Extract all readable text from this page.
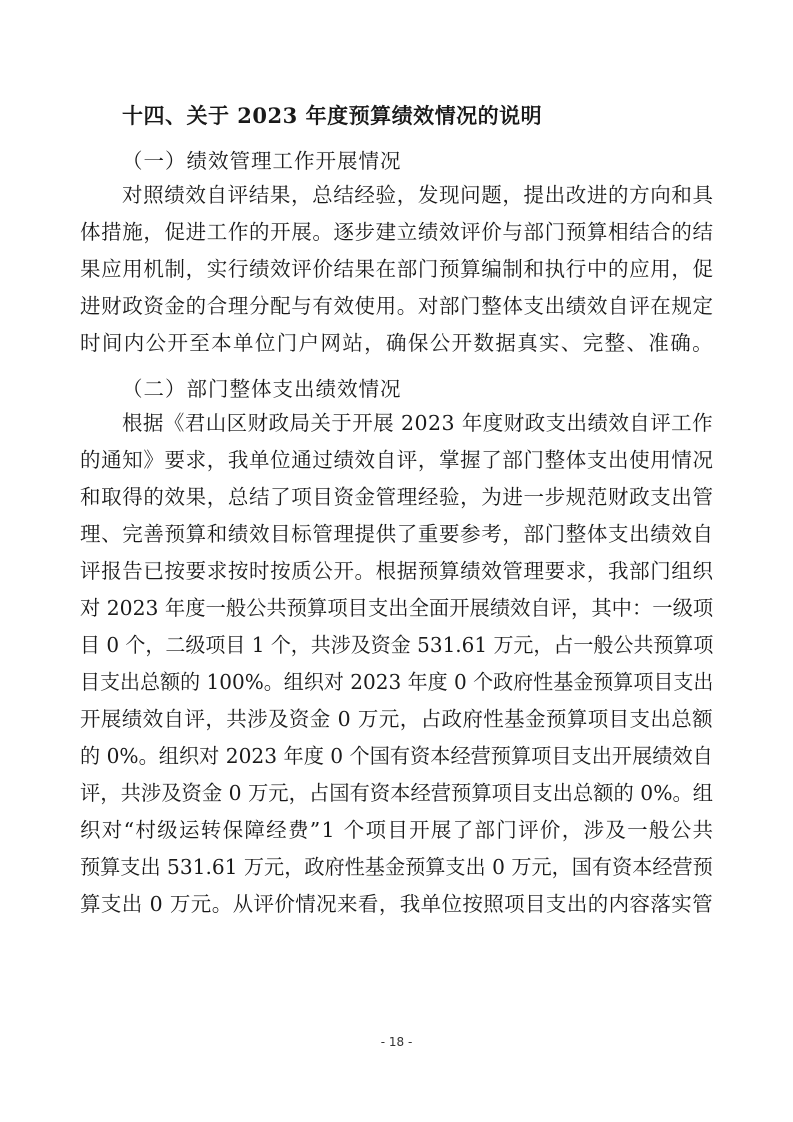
十四、关于 2023 年度预算绩效情况的说明
（一）绩效管理工作开展情况
对照绩效自评结果，总结经验，发现问题，提出改进的方向和具
体措施，促进工作的开展。逐步建立绩效评价与部门预算相结合的结
果应用机制，实行绩效评价结果在部门预算编制和执行中的应用，促
进财政资金的合理分配与有效使用。对部门整体支出绩效自评在规定
时间内公开至本单位门户网站，确保公开数据真实、完整、准确。
（二）部门整体支出绩效情况
根据《君山区财政局关于开展 2023 年度财政支出绩效自评工作
的通知》要求，我单位通过绩效自评，掌握了部门整体支出使用情况
和取得的效果，总结了项目资金管理经验，为进一步规范财政支出管
理、完善预算和绩效目标管理提供了重要参考，部门整体支出绩效自
评报告已按要求按时按质公开。根据预算绩效管理要求，我部门组织
对 2023 年度一般公共预算项目支出全面开展绩效自评，其中：一级项
目 0 个，二级项目 1 个，共涉及资金 531.61 万元，占一般公共预算项
目支出总额的 100%。组织对 2023 年度 0 个政府性基金预算项目支出
开展绩效自评，共涉及资金 0 万元，占政府性基金预算项目支出总额
的 0%。组织对 2023 年度 0 个国有资本经营预算项目支出开展绩效自
评，共涉及资金 0 万元，占国有资本经营预算项目支出总额的 0%。组
织对“村级运转保障经费”1 个项目开展了部门评价，涉及一般公共
预算支出 531.61 万元，政府性基金预算支出 0 万元，国有资本经营预
算支出 0 万元。从评价情况来看，我单位按照项目支出的内容落实管
- 18 -
